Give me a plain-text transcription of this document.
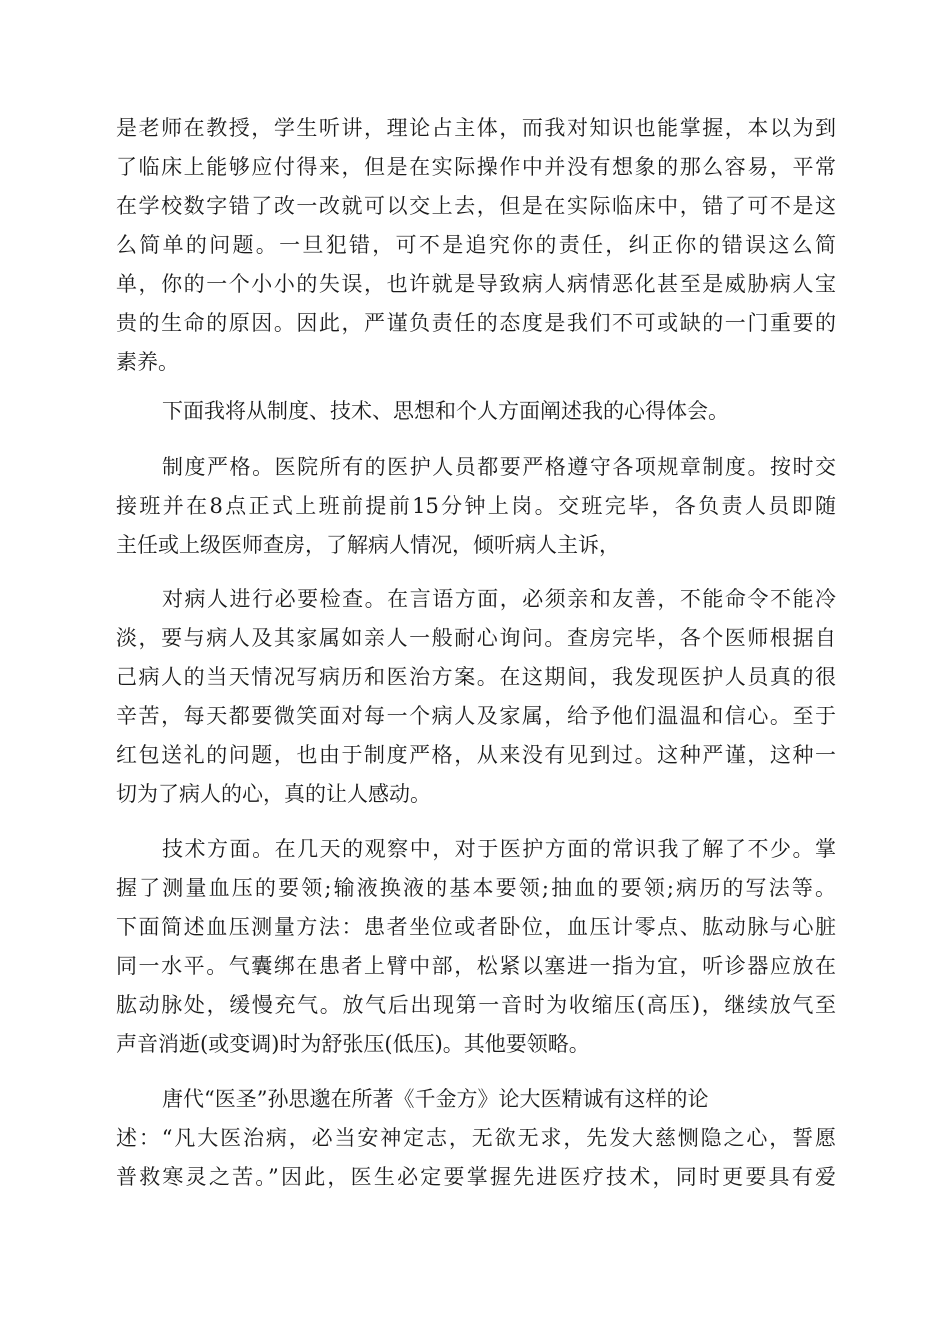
是老师在教授，学生听讲，理论占主体，而我对知识也能掌握，本以为到
了临床上能够应付得来，但是在实际操作中并没有想象的那么容易，平常
在学校数字错了改一改就可以交上去，但是在实际临床中，错了可不是这
么简单的问题。一旦犯错，可不是追究你的责任，纠正你的错误这么简
单，你的一个小小的失误，也许就是导致病人病情恶化甚至是威胁病人宝
贵的生命的原因。因此，严谨负责任的态度是我们不可或缺的一门重要的
素养。
下面我将从制度、技术、思想和个人方面阐述我的心得体会。
制度严格。医院所有的医护人员都要严格遵守各项规章制度。按时交
接班并在8点正式上班前提前15分钟上岗。交班完毕，各负责人员即随
主任或上级医师查房，了解病人情况，倾听病人主诉，
对病人进行必要检查。在言语方面，必须亲和友善，不能命令不能冷
淡，要与病人及其家属如亲人一般耐心询问。查房完毕，各个医师根据自
己病人的当天情况写病历和医治方案。在这期间，我发现医护人员真的很
辛苦，每天都要微笑面对每一个病人及家属，给予他们温温和信心。至于
红包送礼的问题，也由于制度严格，从来没有见到过。这种严谨，这种一
切为了病人的心，真的让人感动。
技术方面。在几天的观察中，对于医护方面的常识我了解了不少。掌
握了测量血压的要领;输液换液的基本要领;抽血的要领;病历的写法等。
下面简述血压测量方法：患者坐位或者卧位，血压计零点、肱动脉与心脏
同一水平。气囊绑在患者上臂中部，松紧以塞进一指为宜，听诊器应放在
肱动脉处，缓慢充气。放气后出现第一音时为收缩压(高压)，继续放气至
声音消逝(或变调)时为舒张压(低压)。其他要领略。
唐代“医圣”孙思邈在所著《千金方》论大医精诚有这样的论
述：“凡大医治病，必当安神定志，无欲无求，先发大慈恻隐之心，誓愿
普救寒灵之苦。”因此，医生必定要掌握先进医疗技术，同时更要具有爱
